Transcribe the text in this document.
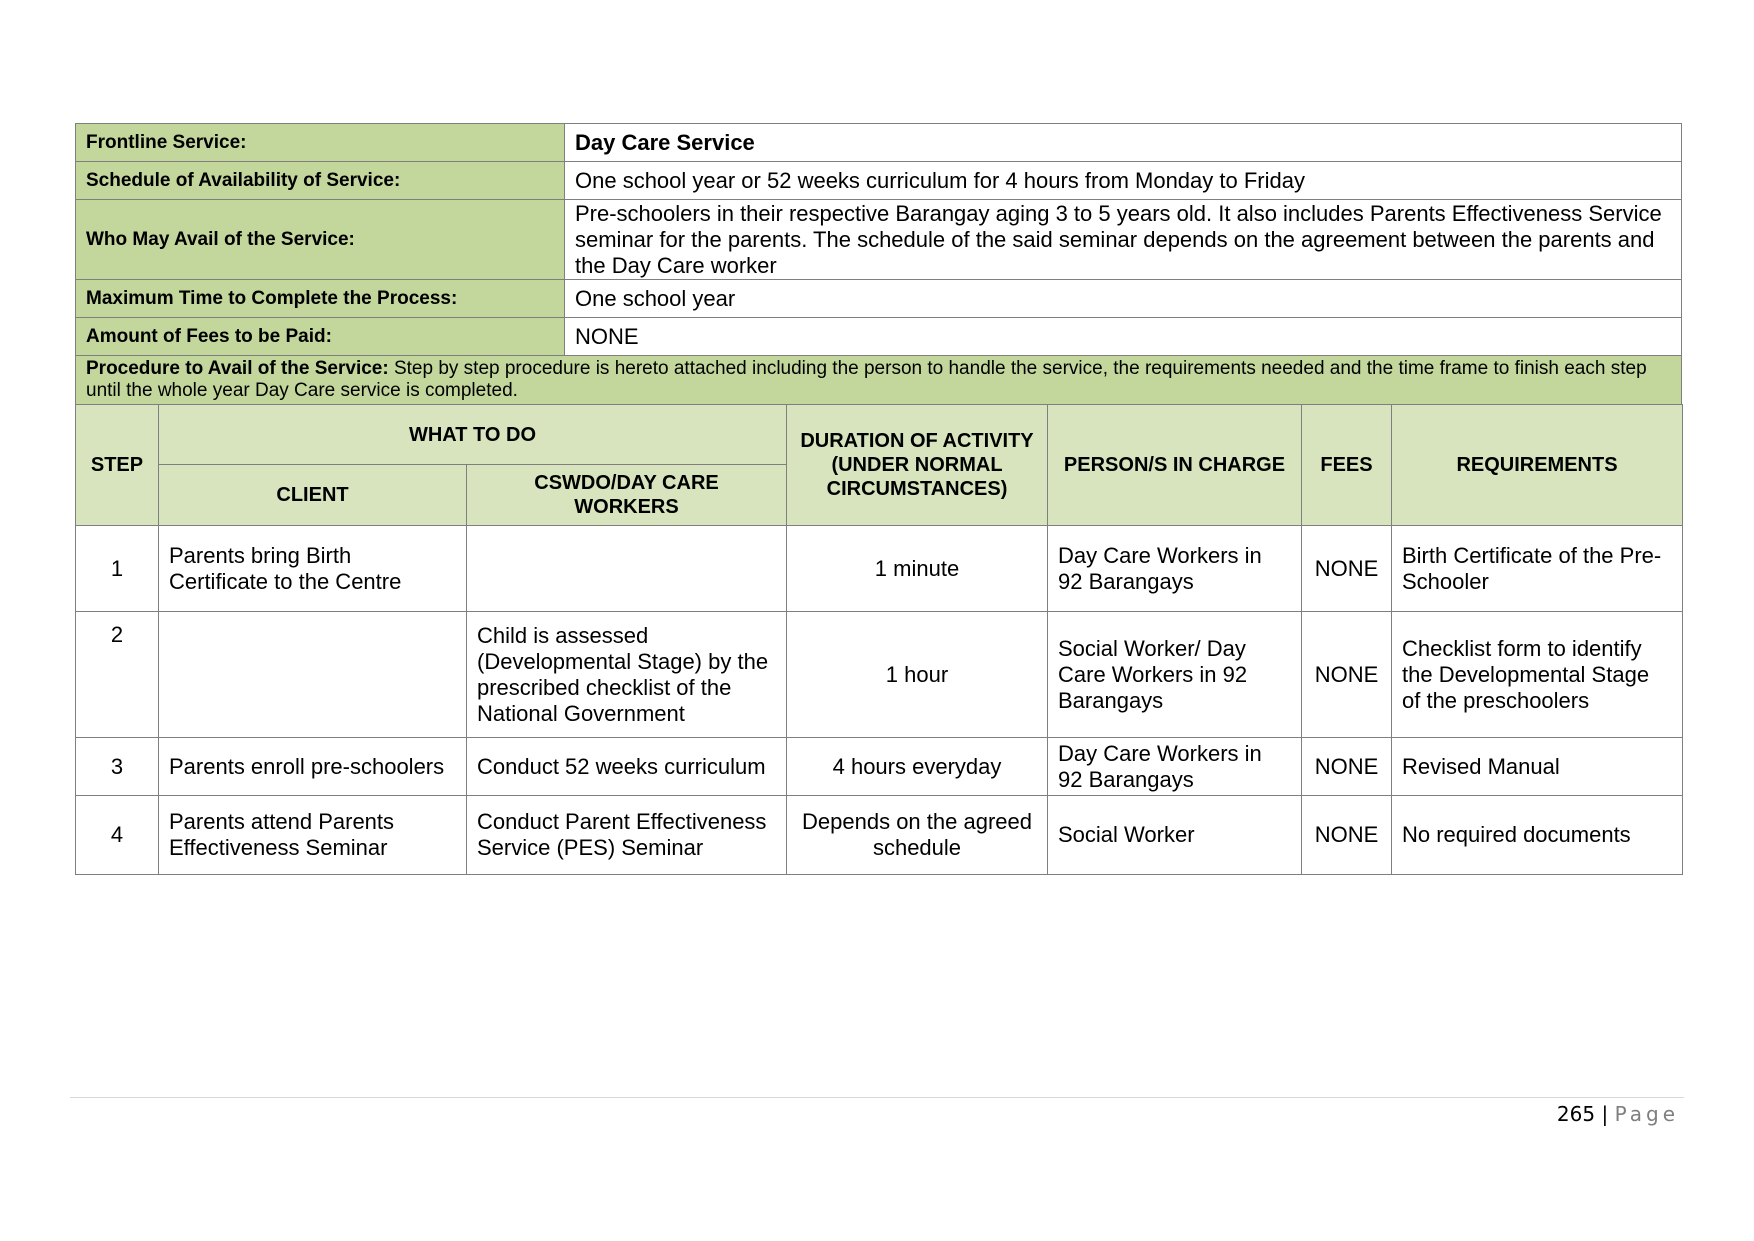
Frontline Service:	Day Care Service
Schedule of Availability of Service:	One school year or 52 weeks curriculum for 4 hours from Monday to Friday
Who May Avail of the Service:	Pre-schoolers in their respective Barangay aging 3 to 5 years old. It also includes Parents Effectiveness Service seminar for the parents. The schedule of the said seminar depends on the agreement between the parents and the Day Care worker
Maximum Time to Complete the Process:	One school year
Amount of Fees to be Paid:	NONE
Procedure to Avail of the Service: Step by step procedure is hereto attached including the person to handle the service, the requirements needed and the time frame to finish each step until the whole year Day Care service is completed.
STEP	WHAT TO DO		DURATION OF ACTIVITY (UNDER NORMAL CIRCUMSTANCES)	PERSON/S IN CHARGE	FEES	REQUIREMENTS
	CLIENT	CSWDO/DAY CARE WORKERS				
1	Parents bring Birth Certificate to the Centre		1 minute	Day Care Workers in 92 Barangays	NONE	Birth Certificate of the Pre-Schooler
2		Child is assessed (Developmental Stage) by the prescribed checklist of the National Government	1 hour	Social Worker/ Day Care Workers in 92 Barangays	NONE	Checklist form to identify the Developmental Stage of the preschoolers
3	Parents enroll pre-schoolers	Conduct 52 weeks curriculum	4 hours everyday	Day Care Workers in 92 Barangays	NONE	Revised Manual
4	Parents attend Parents Effectiveness Seminar	Conduct Parent Effectiveness Service (PES) Seminar	Depends on the agreed schedule	Social Worker	NONE	No required documents
265 | Page
